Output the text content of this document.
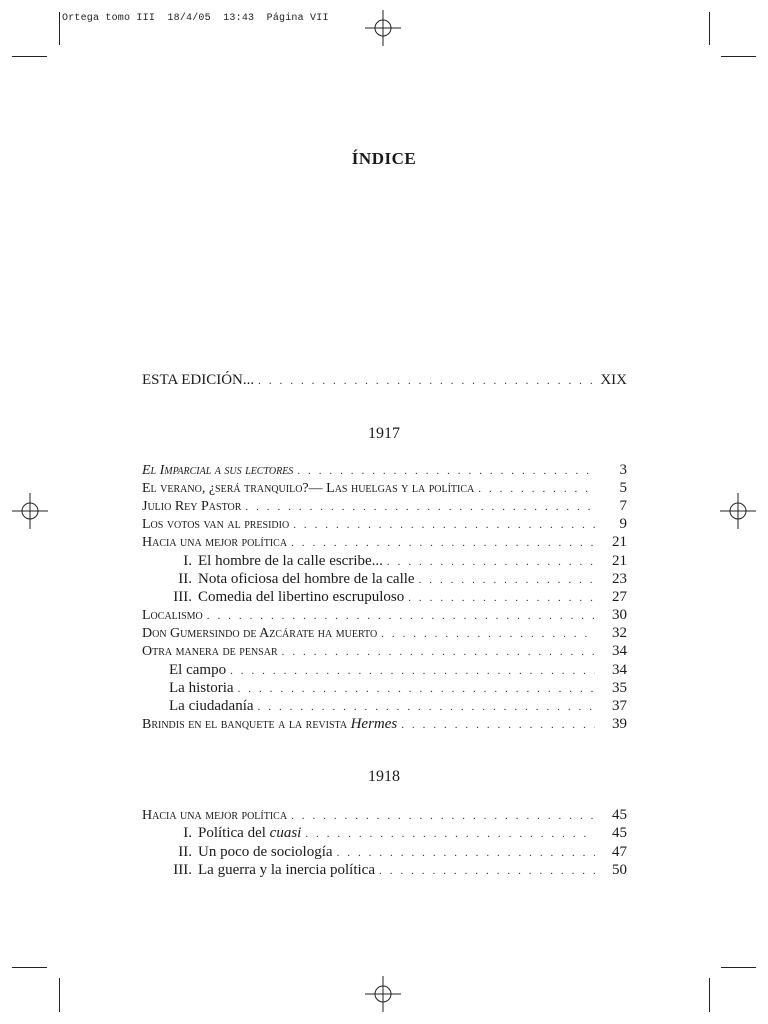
Ortega tomo III  18/4/05  13:43  Página VII
ÍNDICE
ESTA EDICIÓN... . . .	XIX
1917
El Imparcial a sus lectores . . .	3
El verano, ¿será tranquilo?— Las huelgas y la política . . .	5
Julio Rey Pastor . . .	7
Los votos van al presidio . . .	9
Hacia una mejor política . . .	21
I. El hombre de la calle escribe... . . .	21
II. Nota oficiosa del hombre de la calle . . .	23
III. Comedia del libertino escrupuloso . . .	27
Localismo . . .	30
Don Gumersindo de Azcárate ha muerto . . .	32
Otra manera de pensar . . .	34
El campo . . .	34
La historia . . .	35
La ciudadanía . . .	37
Brindis en el banquete a la revista Hermes . . .	39
1918
Hacia una mejor política . . .	45
I. Política del cuasi . . .	45
II. Un poco de sociología . . .	47
III. La guerra y la inercia política . . .	50
